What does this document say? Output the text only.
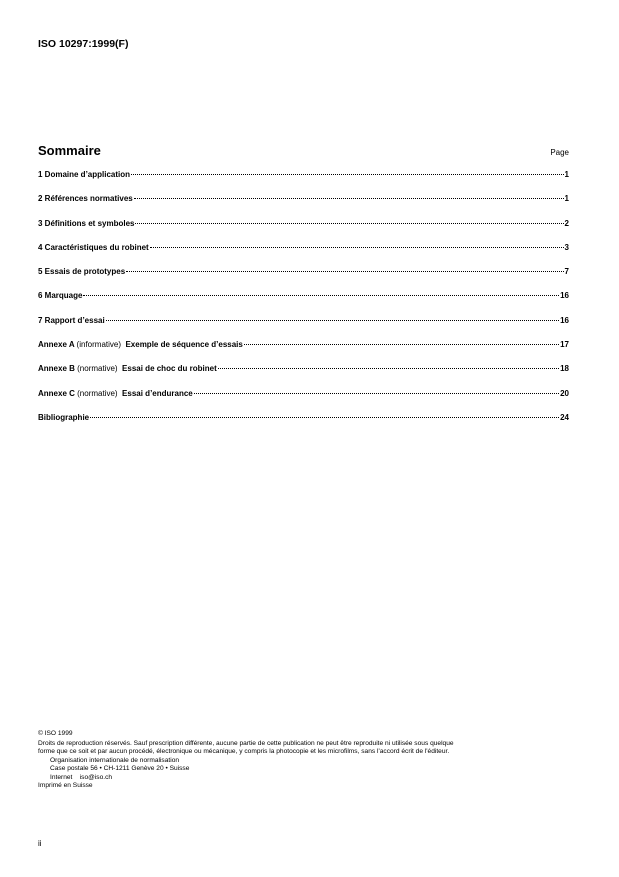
ISO 10297:1999(F)
Sommaire	Page
1 Domaine d’application	1
2 Références normatives	1
3 Définitions et symboles	2
4 Caractéristiques du robinet	3
5 Essais de prototypes	7
6 Marquage	16
7 Rapport d’essai	16
Annexe A (informative) Exemple de séquence d’essais	17
Annexe B (normative) Essai de choc du robinet	18
Annexe C (normative) Essai d’endurance	20
Bibliographie	24
© ISO 1999
Droits de reproduction réservés. Sauf prescription différente, aucune partie de cette publication ne peut être reproduite ni utilisée sous quelque
forme que ce soit et par aucun procédé, électronique ou mécanique, y compris la photocopie et les microfilms, sans l'accord écrit de l'éditeur.
Organisation internationale de normalisation
Case postale 56 • CH-1211 Genève 20 • Suisse
Internet iso@iso.ch
Imprimé en Suisse
ii
